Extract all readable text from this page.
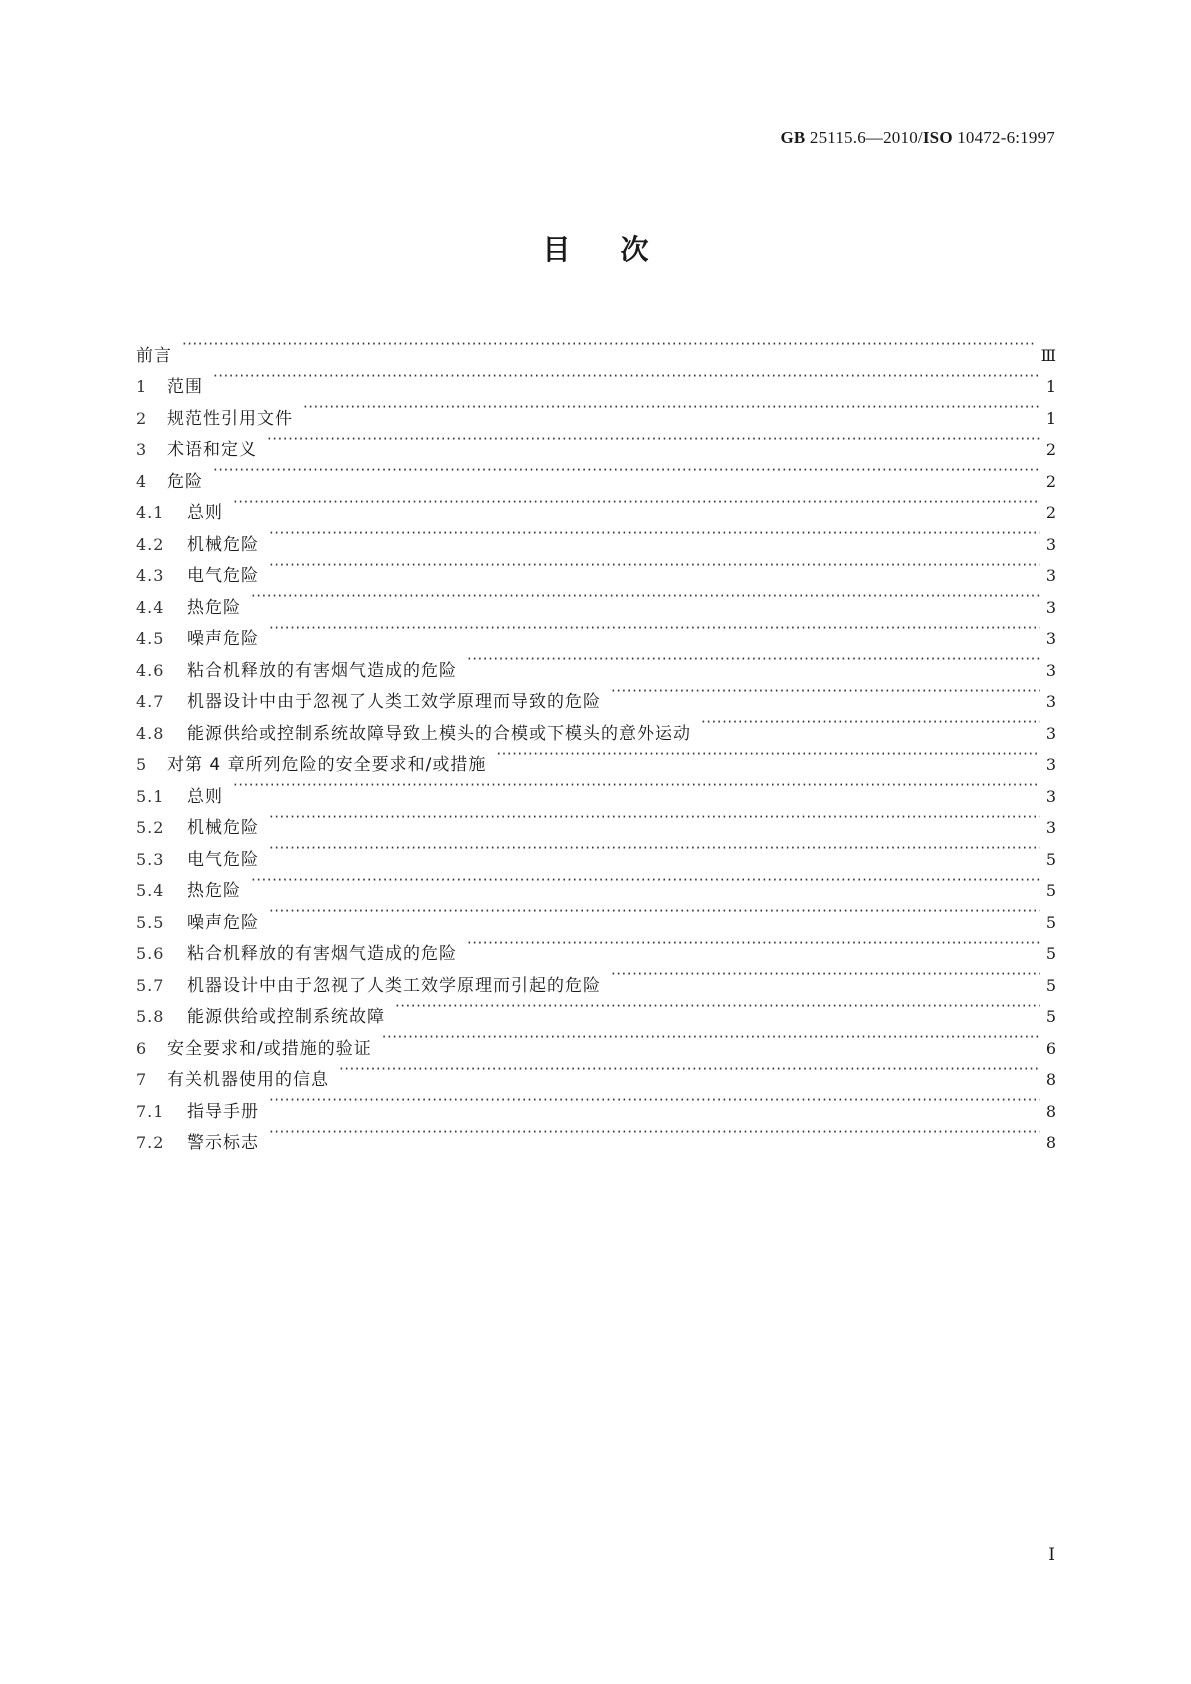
GB 25115.6—2010/ISO 10472-6:1997
目次
前言 ·····	Ⅲ
1	范围 ·····	1
2	规范性引用文件 ·····	1
3	术语和定义 ·····	2
4	危险 ·····	2
4.1	总则 ·····	2
4.2	机械危险 ·····	3
4.3	电气危险 ·····	3
4.4	热危险 ·····	3
4.5	噪声危险 ·····	3
4.6	粘合机释放的有害烟气造成的危险 ·····	3
4.7	机器设计中由于忽视了人类工效学原理而导致的危险 ·····	3
4.8	能源供给或控制系统故障导致上模头的合模或下模头的意外运动 ·····	3
5	对第 4 章所列危险的安全要求和/或措施 ·····	3
5.1	总则 ·····	3
5.2	机械危险 ·····	3
5.3	电气危险 ·····	5
5.4	热危险 ·····	5
5.5	噪声危险 ·····	5
5.6	粘合机释放的有害烟气造成的危险 ·····	5
5.7	机器设计中由于忽视了人类工效学原理而引起的危险 ·····	5
5.8	能源供给或控制系统故障 ·····	5
6	安全要求和/或措施的验证 ·····	6
7	有关机器使用的信息 ·····	8
7.1	指导手册 ·····	8
7.2	警示标志 ·····	8
I
